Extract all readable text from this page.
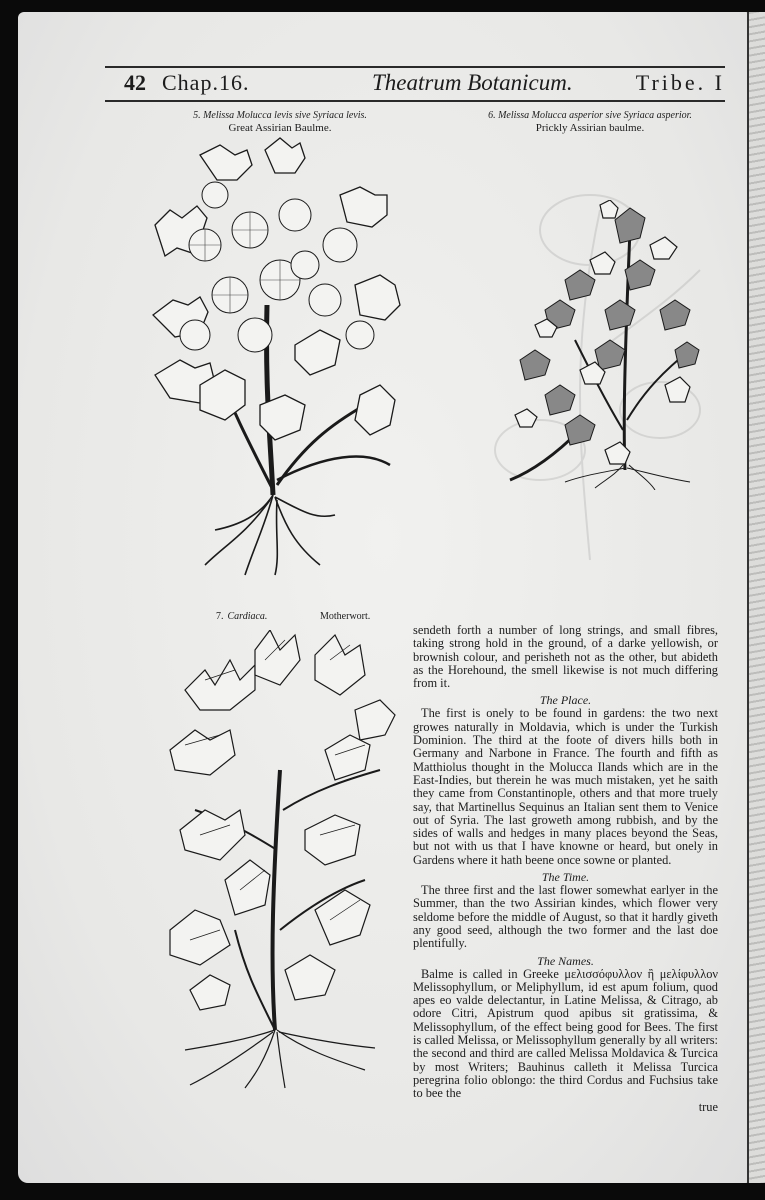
42 Chap.16.	Theatrum Botanicum.	Tribe. I
5. Melissa Molucca levis sive Syriaca levis.
Great Assirian Baulme.
6. Melissa Molucca asperior sive Syriaca asperior.
Prickly Assirian baulme.
7. Cardiaca.	Motherwort.

sendeth forth a number of long strings, and small fibres, taking strong hold in the ground, of a darke yellowish, or brownish colour, and perisheth not as the other, but abideth as the Horehound, the smell likewise is not much differing from it.

The Place.

The first is onely to be found in gardens: the two next growes naturally in Moldavia, which is under the Turkish Dominion. The third at the foote of divers hills both in Germany and Narbone in France. The fourth and fifth as Matthiolus thought in the Molucca Ilands which are in the East-Indies, but therein he was much mistaken, yet he saith they came from Constantinople, others and that more truely say, that Martinellus Sequinus an Italian sent them to Venice out of Syria. The last groweth among rubbish, and by the sides of walls and hedges in many places beyond the Seas, but not with us that I have knowne or heard, but onely in Gardens where it hath beene once sowne or planted.

The Time.

The three first and the last flower somewhat earlyer in the Summer, than the two Assirian kindes, which flower very seldome before the middle of August, so that it hardly giveth any good seed, although the two former and the last doe plentifully.

The Names.

Balme is called in Greeke μελισσόφυλλον ἢ μελίφυλλον Melissophyllum, or Meliphyllum, id est apum folium, quod apes eo valde delectantur, in Latine Melissa, & Citrago, ab odore Citri, Apistrum quod apibus sit gratissima, & Melissophyllum, of the effect being good for Bees. The first is called Melissa, or Melissophyllum generally by all writers: the second and third are called Melissa Moldavica & Turcica by most Writers; Bauhinus calleth it Melissa Turcica peregrina folio oblongo: the third Cordus and Fuchsius take to bee the

true
